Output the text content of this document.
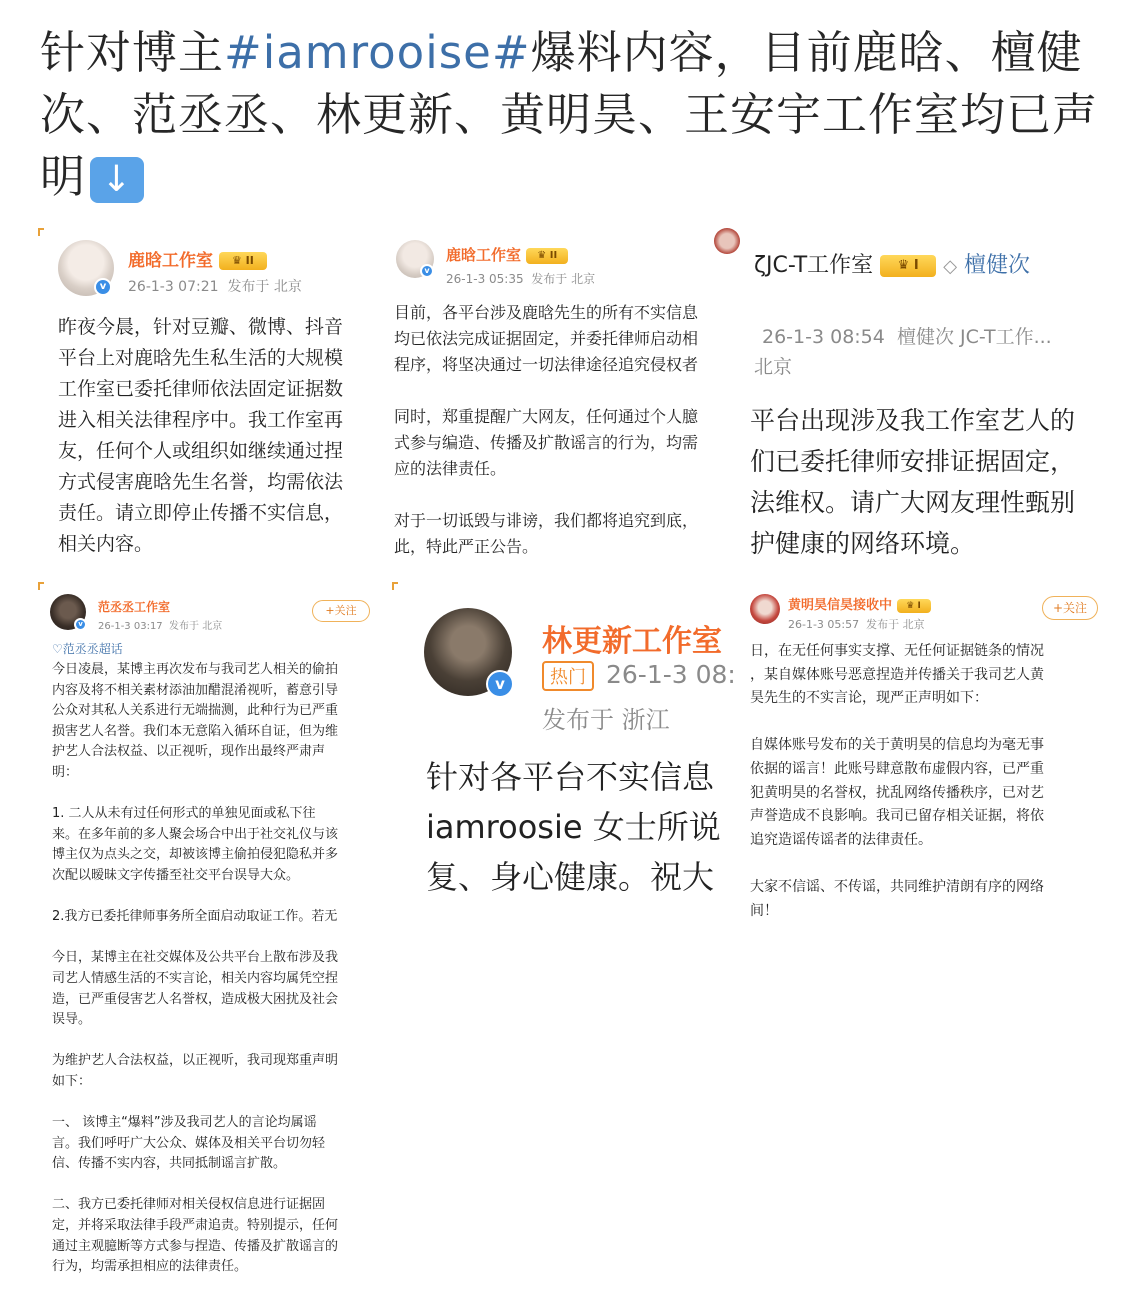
针对博主#iamrooise#爆料内容，目前鹿晗、檀健次、范丞丞、林更新、黄明昊、王安宇工作室均已声明 ↓
v
鹿晗工作室 ♛ II
26-1-3 07:21 发布于 北京
昨夜今晨，针对豆瓣、微博、抖音
平台上对鹿晗先生私生活的大规模
工作室已委托律师依法固定证据数
进入相关法律程序中。我工作室再
友，任何个人或组织如继续通过捏
方式侵害鹿晗先生名誉，均需依法
责任。请立即停止传播不实信息，
相关内容。
v
鹿晗工作室 ♛ II
26-1-3 05:35 发布于 北京
目前，各平台涉及鹿晗先生的所有不实信息
均已依法完成证据固定，并委托律师启动相
程序，将坚决通过一切法律途径追究侵权者

同时，郑重提醒广大网友，任何通过个人臆
式参与编造、传播及扩散谣言的行为，均需
应的法律责任。

对于一切诋毁与诽谤，我们都将追究到底，
此，特此严正公告。
ζJC-T工作室 ♛ I ◇ 檀健次
26-1-3 08:54 檀健次 JC-T工作...
北京
平台出现涉及我工作室艺人的
们已委托律师安排证据固定，
法维权。请广大网友理性甄别
护健康的网络环境。
v
范丞丞工作室
26-1-3 03:17 发布于 北京
+关注
♡范丞丞超话
今日凌晨，某博主再次发布与我司艺人相关的偷拍
内容及将不相关素材添油加醋混淆视听，蓄意引导
公众对其私人关系进行无端揣测，此种行为已严重
损害艺人名誉。我们本无意陷入循环自证，但为维
护艺人合法权益、以正视听，现作出最终严肃声
明：

1. 二人从未有过任何形式的单独见面或私下往
来。在多年前的多人聚会场合中出于社交礼仪与该
博主仅为点头之交，却被该博主偷拍侵犯隐私并多
次配以暧昧文字传播至社交平台误导大众。

2.我方已委托律师事务所全面启动取证工作。若无

今日，某博主在社交媒体及公共平台上散布涉及我
司艺人情感生活的不实言论，相关内容均属凭空捏
造，已严重侵害艺人名誉权，造成极大困扰及社会
误导。

为维护艺人合法权益，以正视听，我司现郑重声明
如下：

一、 该博主“爆料”涉及我司艺人的言论均属谣
言。我们呼吁广大公众、媒体及相关平台切勿轻
信、传播不实内容，共同抵制谣言扩散。

二、我方已委托律师对相关侵权信息进行证据固
定，并将采取法律手段严肃追责。特别提示，任何
通过主观臆断等方式参与捏造、传播及扩散谣言的
行为，均需承担相应的法律责任。
v
林更新工作室
热门 26-1-3 08:
发布于 浙江
针对各平台不实信息
iamroosie 女士所说
复、身心健康。祝大
黄明昊信昊接收中 ♛ I
26-1-3 05:57 发布于 北京
+关注
日，在无任何事实支撑、无任何证据链条的情况
，某自媒体账号恶意捏造并传播关于我司艺人黄
昊先生的不实言论，现严正声明如下：

自媒体账号发布的关于黄明昊的信息均为毫无事
依据的谣言！此账号肆意散布虚假内容，已严重
犯黄明昊的名誉权，扰乱网络传播秩序，已对艺
声誉造成不良影响。我司已留存相关证据，将依
追究造谣传谣者的法律责任。

大家不信谣、不传谣，共同维护清朗有序的网络
间！
